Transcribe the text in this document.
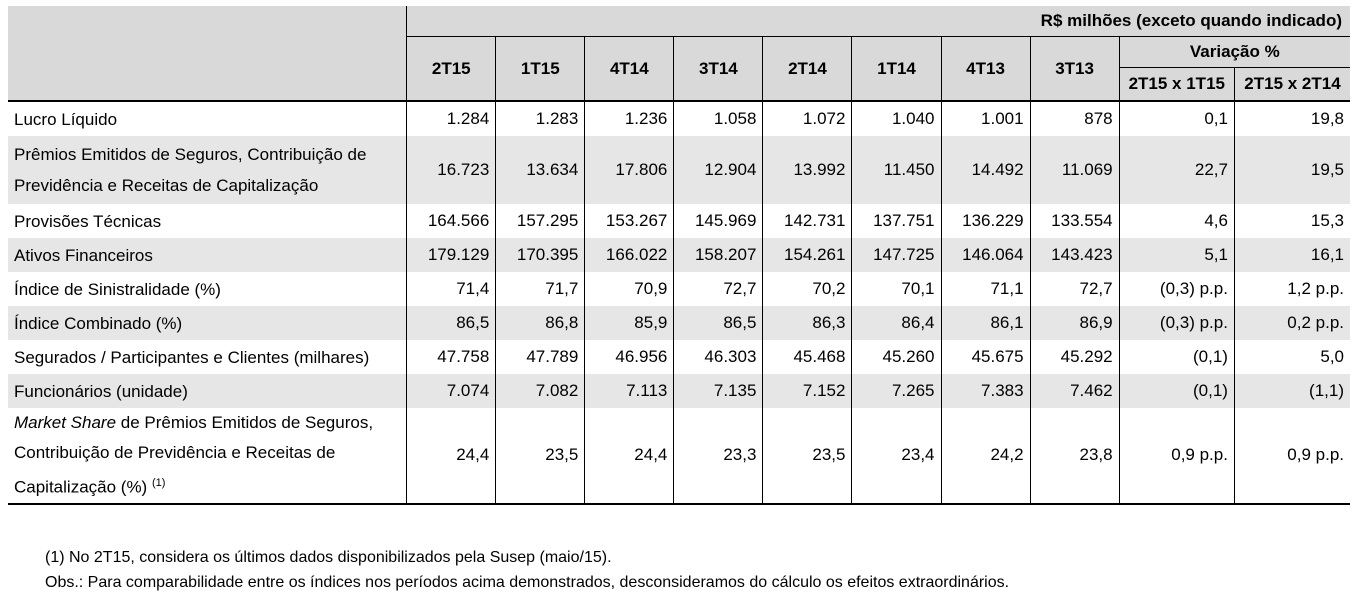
	R$ milhões (exceto quando indicado)									
	2T15	1T15	4T14	3T14	2T14	1T14	4T13	3T13	Variação %	
									2T15 x 1T15	2T15 x 2T14
Lucro Líquido	1.284	1.283	1.236	1.058	1.072	1.040	1.001	878	0,1	19,8
Prêmios Emitidos de Seguros, Contribuição de
Previdência e Receitas de Capitalização	16.723	13.634	17.806	12.904	13.992	11.450	14.492	11.069	22,7	19,5
Provisões Técnicas	164.566	157.295	153.267	145.969	142.731	137.751	136.229	133.554	4,6	15,3
Ativos Financeiros	179.129	170.395	166.022	158.207	154.261	147.725	146.064	143.423	5,1	16,1
Índice de Sinistralidade (%)	71,4	71,7	70,9	72,7	70,2	70,1	71,1	72,7	(0,3) p.p.	1,2 p.p.
Índice Combinado (%)	86,5	86,8	85,9	86,5	86,3	86,4	86,1	86,9	(0,3) p.p.	0,2 p.p.
Segurados / Participantes e Clientes (milhares)	47.758	47.789	46.956	46.303	45.468	45.260	45.675	45.292	(0,1)	5,0
Funcionários (unidade)	7.074	7.082	7.113	7.135	7.152	7.265	7.383	7.462	(0,1)	(1,1)
Market Share de Prêmios Emitidos de Seguros,
Contribuição de Previdência e Receitas de
Capitalização (%) $^{(1)}$	24,4	23,5	24,4	23,3	23,5	23,4	24,2	23,8	0,9 p.p.	0,9 p.p.
(1) No 2T15, considera os últimos dados disponibilizados pela Susep (maio/15).
Obs.: Para comparabilidade entre os índices nos períodos acima demonstrados, desconsideramos do cálculo os efeitos extraordinários.
